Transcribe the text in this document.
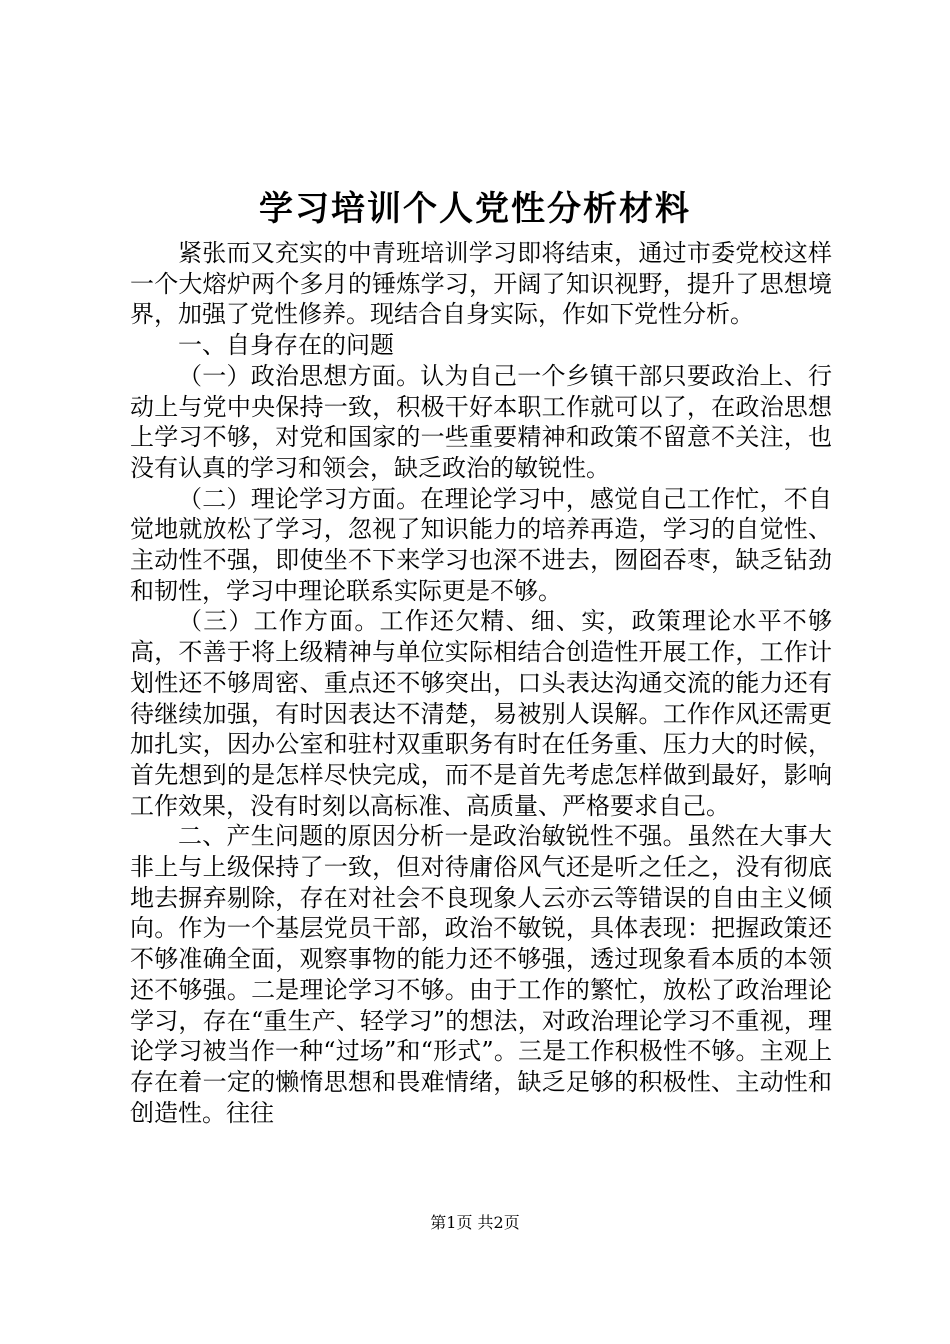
学习培训个人党性分析材料

紧张而又充实的中青班培训学习即将结束，通过市委党校这样一个大熔炉两个多月的锤炼学习，开阔了知识视野，提升了思想境界，加强了党性修养。现结合自身实际，作如下党性分析。

一、自身存在的问题

（一）政治思想方面。认为自己一个乡镇干部只要政治上、行动上与党中央保持一致，积极干好本职工作就可以了，在政治思想上学习不够，对党和国家的一些重要精神和政策不留意不关注，也没有认真的学习和领会，缺乏政治的敏锐性。

（二）理论学习方面。在理论学习中，感觉自己工作忙，不自觉地就放松了学习，忽视了知识能力的培养再造，学习的自觉性、主动性不强，即使坐不下来学习也深不进去，囫囵吞枣，缺乏钻劲和韧性，学习中理论联系实际更是不够。

（三）工作方面。工作还欠精、细、实，政策理论水平不够高，不善于将上级精神与单位实际相结合创造性开展工作，工作计划性还不够周密、重点还不够突出，口头表达沟通交流的能力还有待继续加强，有时因表达不清楚，易被别人误解。工作作风还需更加扎实，因办公室和驻村双重职务有时在任务重、压力大的时候，首先想到的是怎样尽快完成，而不是首先考虑怎样做到最好，影响工作效果，没有时刻以高标准、高质量、严格要求自己。

二、产生问题的原因分析一是政治敏锐性不强。虽然在大事大非上与上级保持了一致，但对待庸俗风气还是听之任之，没有彻底地去摒弃剔除，存在对社会不良现象人云亦云等错误的自由主义倾向。作为一个基层党员干部，政治不敏锐，具体表现：把握政策还不够准确全面，观察事物的能力还不够强，透过现象看本质的本领还不够强。二是理论学习不够。由于工作的繁忙，放松了政治理论学习，存在“重生产、轻学习”的想法，对政治理论学习不重视，理论学习被当作一种“过场”和“形式”。三是工作积极性不够。主观上存在着一定的懒惰思想和畏难情绪，缺乏足够的积极性、主动性和创造性。往往

第1页 共2页
